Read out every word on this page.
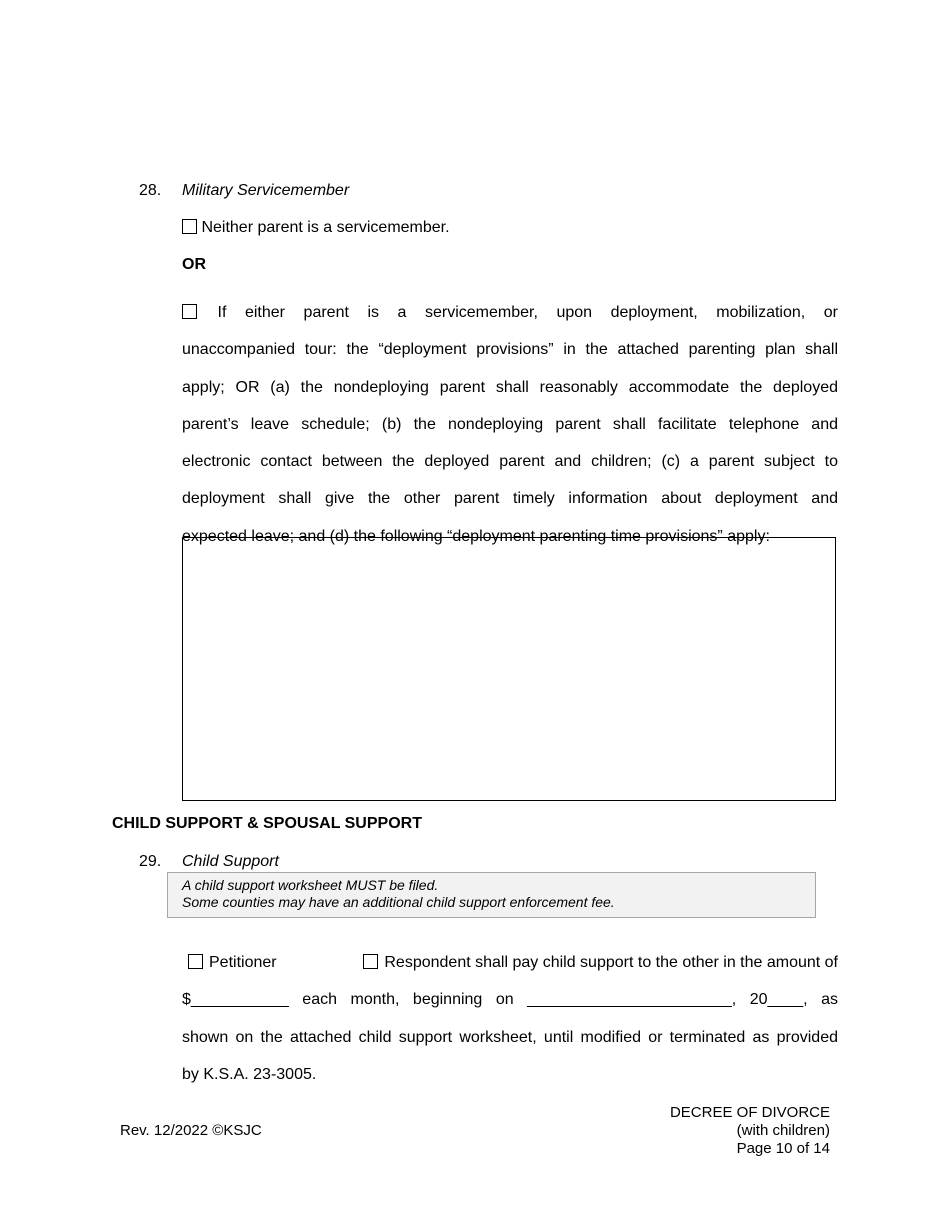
28. Military Servicemember
Neither parent is a servicemember.
OR
If either parent is a servicemember, upon deployment, mobilization, or
unaccompanied tour: the “deployment provisions” in the attached parenting plan shall
apply; OR (a) the nondeploying parent shall reasonably accommodate the deployed
parent’s leave schedule; (b) the nondeploying parent shall facilitate telephone and
electronic contact between the deployed parent and children; (c) a parent subject to
deployment shall give the other parent timely information about deployment and
expected leave; and (d) the following “deployment parenting time provisions” apply:
CHILD SUPPORT & SPOUSAL SUPPORT
29. Child Support
A child support worksheet MUST be filed.
Some counties may have an additional child support enforcement fee.
Petitioner	Respondent shall pay child support to the other in the amount of
$___________ each month, beginning on _______________________, 20____, as
shown on the attached child support worksheet, until modified or terminated as provided
by K.S.A. 23-3005.
Rev. 12/2022 ©KSJC
DECREE OF DIVORCE
(with children)
Page 10 of 14
